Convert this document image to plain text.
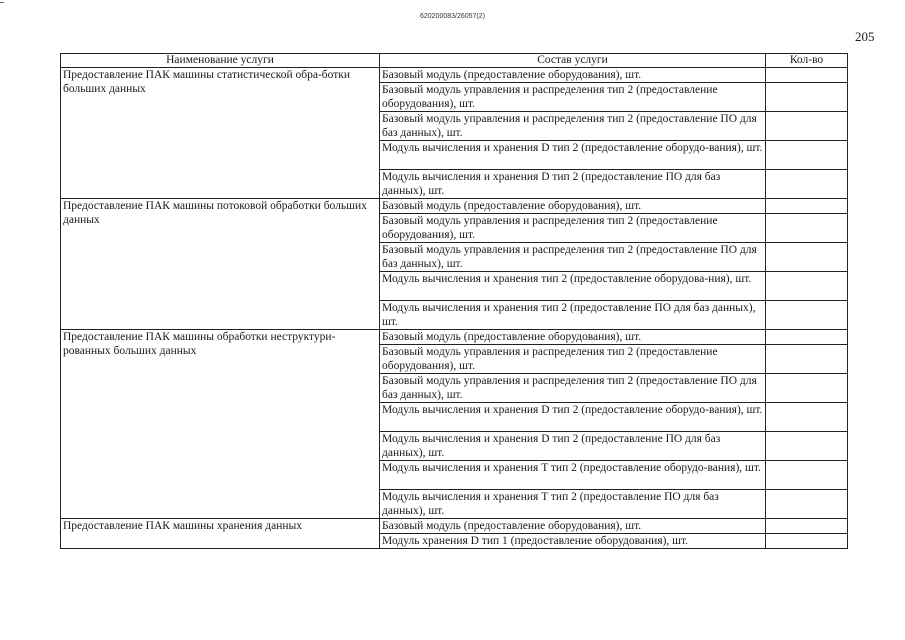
620200083/26057(2)
205
Наименование услуги	Состав услуги	Кол-во
Предоставление ПАК машины статистической обра-ботки больших данных	Базовый модуль (предоставление оборудования), шт.	
	Базовый модуль управления и распределения тип 2 (предоставление оборудования), шт.	
	Базовый модуль управления и распределения тип 2 (предоставление ПО для баз данных), шт.	
	Модуль вычисления и хранения D тип 2 (предоставление оборудо-вания), шт.	
	Модуль вычисления и хранения D тип 2 (предоставление ПО для баз данных), шт.	
Предоставление ПАК машины потоковой обработки больших данных	Базовый модуль (предоставление оборудования), шт.	
	Базовый модуль управления и распределения тип 2 (предоставление оборудования), шт.	
	Базовый модуль управления и распределения тип 2 (предоставление ПО для баз данных), шт.	
	Модуль вычисления и хранения тип 2 (предоставление оборудова-ния), шт.	
	Модуль вычисления и хранения тип 2 (предоставление ПО для баз данных), шт.	
Предоставление ПАК машины обработки неструктури-рованных больших данных	Базовый модуль (предоставление оборудования), шт.	
	Базовый модуль управления и распределения тип 2 (предоставление оборудования), шт.	
	Базовый модуль управления и распределения тип 2 (предоставление ПО для баз данных), шт.	
	Модуль вычисления и хранения D тип 2 (предоставление оборудо-вания), шт.	
	Модуль вычисления и хранения D тип 2 (предоставление ПО для баз данных), шт.	
	Модуль вычисления и хранения T тип 2 (предоставление оборудо-вания), шт.	
	Модуль вычисления и хранения T тип 2 (предоставление ПО для баз данных), шт.	
Предоставление ПАК машины хранения данных	Базовый модуль (предоставление оборудования), шт.	
	Модуль хранения D тип 1 (предоставление оборудования), шт.	
